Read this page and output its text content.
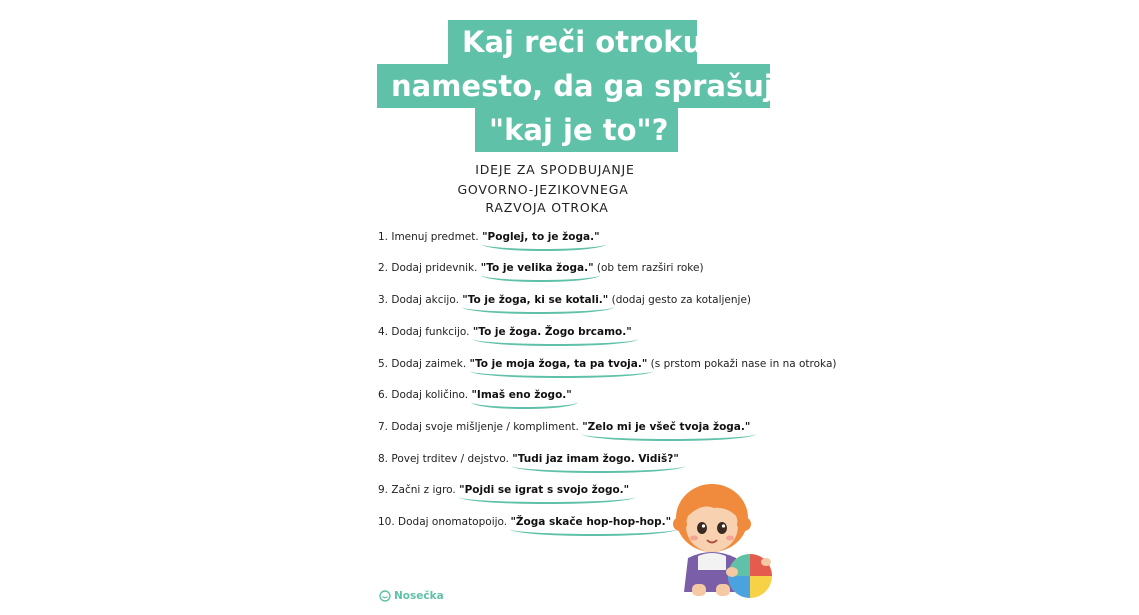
Kaj reči otroku,
namesto, da ga sprašuješ
"kaj je to"?
IDEJE ZA SPODBUJANJE
GOVORNO-JEZIKOVNEGA
RAZVOJA OTROKA
1. Imenuj predmet. "Poglej, to je žoga."
2. Dodaj pridevnik. "To je velika žoga." (ob tem razširi roke)
3. Dodaj akcijo. "To je žoga, ki se kotali." (dodaj gesto za kotaljenje)
4. Dodaj funkcijo. "To je žoga. Žogo brcamo."
5. Dodaj zaimek. "To je moja žoga, ta pa tvoja." (s prstom pokaži nase in na otroka)
6. Dodaj količino. "Imaš eno žogo."
7. Dodaj svoje mišljenje / kompliment. "Zelo mi je všeč tvoja žoga."
8. Povej trditev / dejstvo. "Tudi jaz imam žogo. Vidiš?"
9. Začni z igro. "Pojdi se igrat s svojo žogo."
10. Dodaj onomatopoijo. "Žoga skače hop-hop-hop."
Nosečka
